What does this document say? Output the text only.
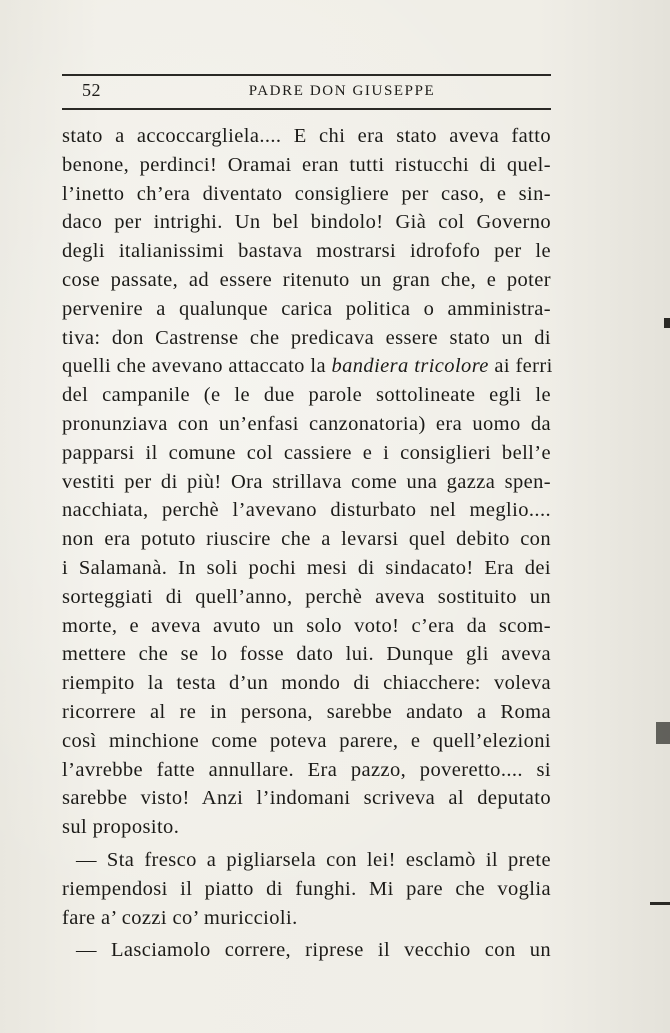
52	PADRE DON GIUSEPPE
stato a accoccargliela.... E chi era stato aveva fatto
benone, perdinci! Oramai eran tutti ristucchi di quel-
l’inetto ch’era diventato consigliere per caso, e sin-
daco per intrighi. Un bel bindolo! Già col Governo
degli italianissimi bastava mostrarsi idrofofo per le
cose passate, ad essere ritenuto un gran che, e poter
pervenire a qualunque carica politica o amministra-
tiva: don Castrense che predicava essere stato un di
quelli che avevano attaccato la bandiera tricolore ai ferri
del campanile (e le due parole sottolineate egli le
pronunziava con un’enfasi canzonatoria) era uomo da
papparsi il comune col cassiere e i consiglieri bell’e
vestiti per di più! Ora strillava come una gazza spen-
nacchiata, perchè l’avevano disturbato nel meglio....
non era potuto riuscire che a levarsi quel debito con
i Salamanà. In soli pochi mesi di sindacato! Era dei
sorteggiati di quell’anno, perchè aveva sostituito un
morte, e aveva avuto un solo voto! c’era da scom-
mettere che se lo fosse dato lui. Dunque gli aveva
riempito la testa d’un mondo di chiacchere: voleva
ricorrere al re in persona, sarebbe andato a Roma
così minchione come poteva parere, e quell’elezioni
l’avrebbe fatte annullare. Era pazzo, poveretto.... si
sarebbe visto! Anzi l’indomani scriveva al deputato
sul proposito.
— Sta fresco a pigliarsela con lei! esclamò il prete
riempendosi il piatto di funghi. Mi pare che voglia
fare a’ cozzi co’ muriccioli.
— Lasciamolo correre, riprese il vecchio con un
